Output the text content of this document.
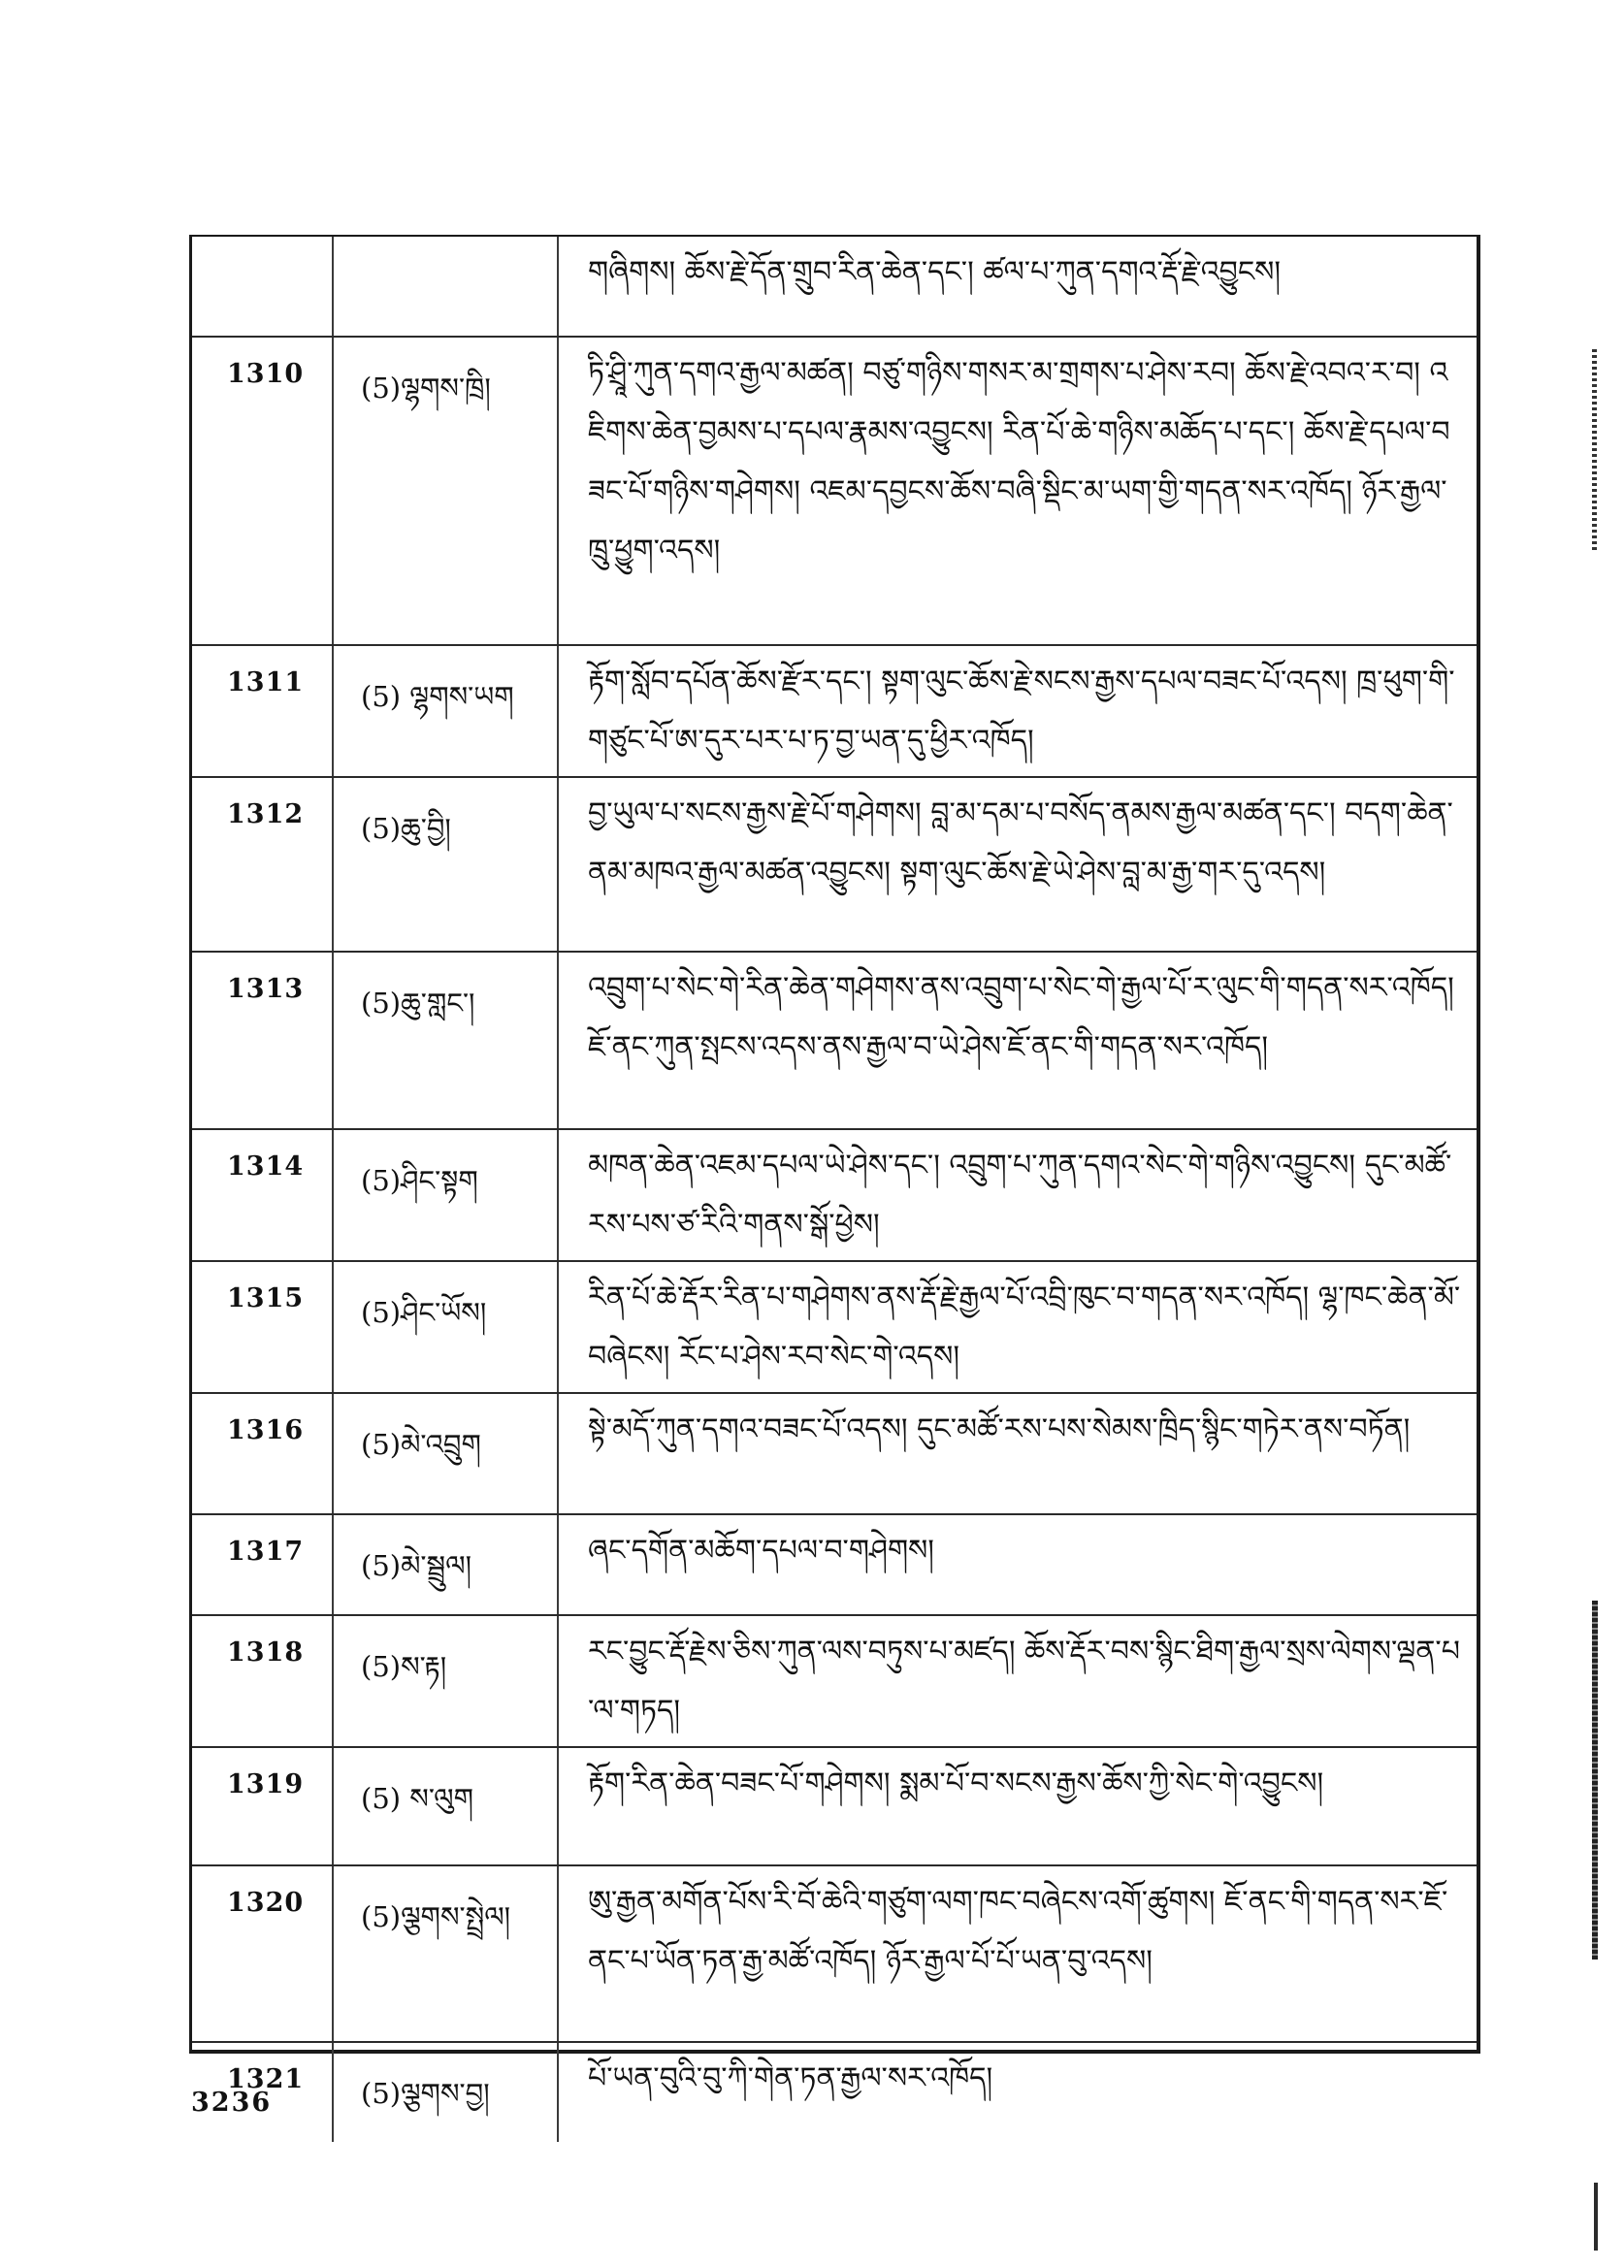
		གཞིགས། ཆོས་རྗེ་དོན་གྲུབ་རིན་ཆེན་དང་། ཚལ་པ་ཀུན་དགའ་རྡོ་རྗེ་འབྱུངས།
1310	(5)ལྷགས་ཁྲི།	ཏི་ཤྲཱི་ཀུན་དགའ་རྒྱལ་མཚན། བཙུ་གཉིས་གསར་མ་གྲགས་པ་ཤེས་རབ། ཆོས་རྗེ་འབའ་ར་བ། འཇིགས་ཆེན་བྱམས་པ་དཔལ་རྣམས་འབྱུངས། རིན་པོ་ཆེ་གཉིས་མཆོད་པ་དང་། ཆོས་རྗེ་དཔལ་བཟང་པོ་གཉིས་གཤེགས། འཇམ་དབྱངས་ཆོས་བཞི་སྡིང་མ་ཡག་གྱི་གདན་སར་འཁོད། ཉོར་རྒྱལ་ཁྲུ་ཕྱུག་འདས།
1311	(5) ལྷགས་ཡག	རྟོག་སློབ་དཔོན་ཆོས་རྫོར་དང་། སྟག་ལུང་ཆོས་རྗེ་སངས་རྒྱས་དཔལ་བཟང་པོ་འདས། ཁྲ་ཕུག་གི་གཙུང་པོ་ཨ་དུར་པར་པ་ཏ་བྱ་ཡན་དུ་ཕྱིར་འཁོད།
1312	(5)ཆུ་བྱི།	བྱ་ཡུལ་པ་སངས་རྒྱས་རྗེ་པོ་གཤེགས། བླ་མ་དམ་པ་བསོད་ནམས་རྒྱལ་མཚན་དང་། བདག་ཆེན་ནམ་མཁའ་རྒྱལ་མཚན་འབྱུངས། སྟག་ལུང་ཆོས་རྗེ་ཡེ་ཤེས་བླ་མ་རྒྱ་གར་དུ་འདས།
1313	(5)ཆུ་གླང་།	འབྲུག་པ་སེང་གེ་རིན་ཆེན་གཤེགས་ནས་འབྲུག་པ་སེང་གེ་རྒྱལ་པོ་ར་ལུང་གི་གདན་སར་འཁོད། ཇོ་ནང་ཀུན་སྤངས་འདས་ནས་རྒྱལ་བ་ཡེ་ཤེས་ཇོ་ནང་གི་གདན་སར་འཁོད།
1314	(5)ཤིང་སྟག	མཁན་ཆེན་འཇམ་དཔལ་ཡེ་ཤེས་དང་། འབྲུག་པ་ཀུན་དགའ་སེང་གེ་གཉིས་འབྱུངས། དུང་མཚོ་རས་པས་ཙ་རིའི་གནས་སྒོ་ཕྱེས།
1315	(5)ཤིང་ཡོས།	རིན་པོ་ཆེ་རྡོར་རིན་པ་གཤེགས་ནས་རྡོ་རྗེ་རྒྱལ་པོ་འབྲི་ཁུང་བ་གདན་སར་འཁོད། ལྷ་ཁང་ཆེན་མོ་བཞེངས། རོང་པ་ཤེས་རབ་སེང་གེ་འདས།
1316	(5)མེ་འབྲུག	སྟེ་མདོ་ཀུན་དགའ་བཟང་པོ་འདས། དུང་མཚོ་རས་པས་སེམས་ཁྲིད་སྙིང་གཏེར་ནས་བཏོན།
1317	(5)མེ་སྦྲུལ།	ཞང་དགོན་མཆོག་དཔལ་བ་གཤེགས།
1318	(5)ས་རྟ།	རང་བྱུང་རྡོ་རྗེས་ཅིས་ཀུན་ལས་བཏུས་པ་མཛད། ཆོས་རྡོར་བས་སྙིང་ཐིག་རྒྱལ་སྲས་ལེགས་ལྡན་པ་ལ་གཏད།
1319	(5) ས་ལུག	རྟོག་རིན་ཆེན་བཟང་པོ་གཤེགས། སྨམ་པོ་བ་སངས་རྒྱས་ཆོས་ཀྱི་སེང་གེ་འབྱུངས།
1320	(5)ལྕགས་སྤྲེལ།	ཨུ་རྒྱན་མགོན་པོས་རི་བོ་ཆེའི་གཙུག་ལག་ཁང་བཞེངས་འགོ་ཚུགས། ཇོ་ནང་གི་གདན་སར་ཇོ་ནང་པ་ཡོན་ཏན་རྒྱ་མཚོ་འཁོད། ཉོར་རྒྱལ་པོ་པོ་ཡན་བུ་འདས།
1321	(5)ལྕགས་བྱ།	པོ་ཡན་བུའི་བུ་ཀི་གེན་ཏན་རྒྱལ་སར་འཁོད།
3236
